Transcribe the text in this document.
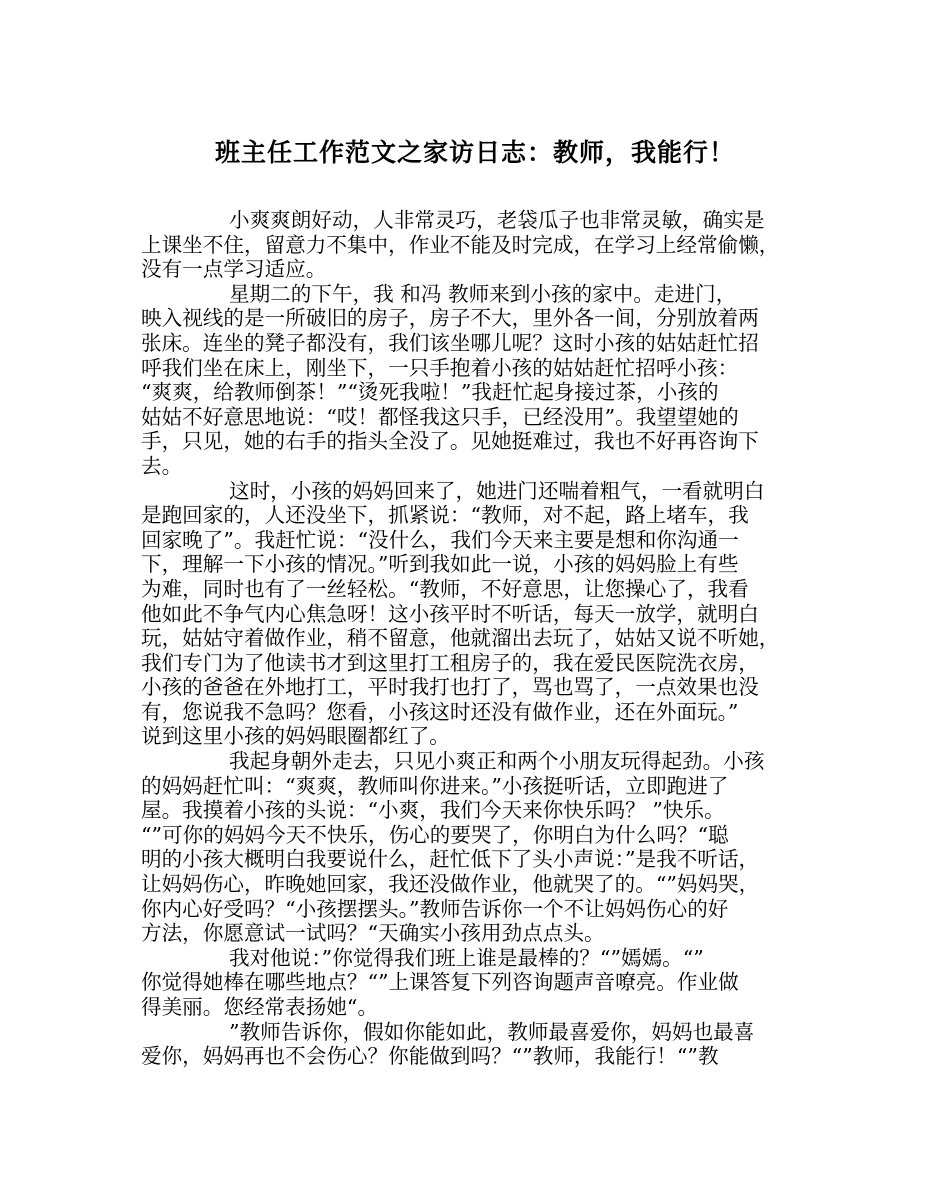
班主任工作范文之家访日志：教师，我能行！
小爽爽朗好动，人非常灵巧，老袋瓜子也非常灵敏，确实是
上课坐不住，留意力不集中，作业不能及时完成，在学习上经常偷懒，
没有一点学习适应。
星期二的下午，我 和冯 教师来到小孩的家中。走进门，
映入视线的是一所破旧的房子，房子不大，里外各一间，分别放着两
张床。连坐的凳子都没有，我们该坐哪儿呢？这时小孩的姑姑赶忙招
呼我们坐在床上，刚坐下，一只手抱着小孩的姑姑赶忙招呼小孩：
“爽爽，给教师倒茶！”“烫死我啦！”我赶忙起身接过茶，小孩的
姑姑不好意思地说：“哎！都怪我这只手，已经没用”。我望望她的
手，只见，她的右手的指头全没了。见她挺难过，我也不好再咨询下
去。
这时，小孩的妈妈回来了，她进门还喘着粗气，一看就明白
是跑回家的，人还没坐下，抓紧说：“教师，对不起，路上堵车，我
回家晚了”。我赶忙说：“没什么，我们今天来主要是想和你沟通一
下，理解一下小孩的情况。”听到我如此一说，小孩的妈妈脸上有些
为难，同时也有了一丝轻松。“教师，不好意思，让您操心了，我看
他如此不争气内心焦急呀！这小孩平时不听话，每天一放学，就明白
玩，姑姑守着做作业，稍不留意，他就溜出去玩了，姑姑又说不听她，
我们专门为了他读书才到这里打工租房子的，我在爱民医院洗衣房，
小孩的爸爸在外地打工，平时我打也打了，骂也骂了，一点效果也没
有，您说我不急吗？您看，小孩这时还没有做作业，还在外面玩。”
说到这里小孩的妈妈眼圈都红了。
我起身朝外走去，只见小爽正和两个小朋友玩得起劲。小孩
的妈妈赶忙叫：“爽爽，教师叫你进来。”小孩挺听话，立即跑进了
屋。我摸着小孩的头说：“小爽，我们今天来你快乐吗？ ”快乐。
“”可你的妈妈今天不快乐，伤心的要哭了，你明白为什么吗？“聪
明的小孩大概明白我要说什么，赶忙低下了头小声说：”是我不听话，
让妈妈伤心，昨晚她回家，我还没做作业，他就哭了的。“”妈妈哭，
你内心好受吗？“小孩摆摆头。”教师告诉你一个不让妈妈伤心的好
方法，你愿意试一试吗？“天确实小孩用劲点点头。
我对他说：”你觉得我们班上谁是最棒的？“”嫣嫣。“”
你觉得她棒在哪些地点？“”上课答复下列咨询题声音嘹亮。作业做
得美丽。您经常表扬她“。
”教师告诉你，假如你能如此，教师最喜爱你，妈妈也最喜
爱你，妈妈再也不会伤心？你能做到吗？“”教师，我能行！“”教
